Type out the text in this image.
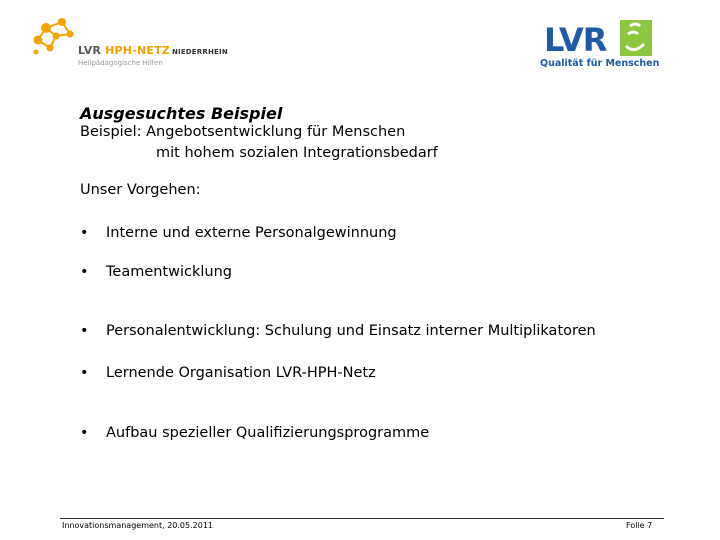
LVR HPH-NETZ NIEDERRHEIN
Heilpädagogische Hilfen
LVR
Qualität für Menschen
Ausgesuchtes Beispiel
Beispiel: Angebotsentwicklung für Menschen
mit hohem sozialen Integrationsbedarf
Unser Vorgehen:
•	Interne und externe Personalgewinnung
•	Teamentwicklung
•	Personalentwicklung: Schulung und Einsatz interner Multiplikatoren
•	Lernende Organisation LVR-HPH-Netz
•	Aufbau spezieller Qualifizierungsprogramme
Innovationsmanagement, 20.05.2011	Folie 7
